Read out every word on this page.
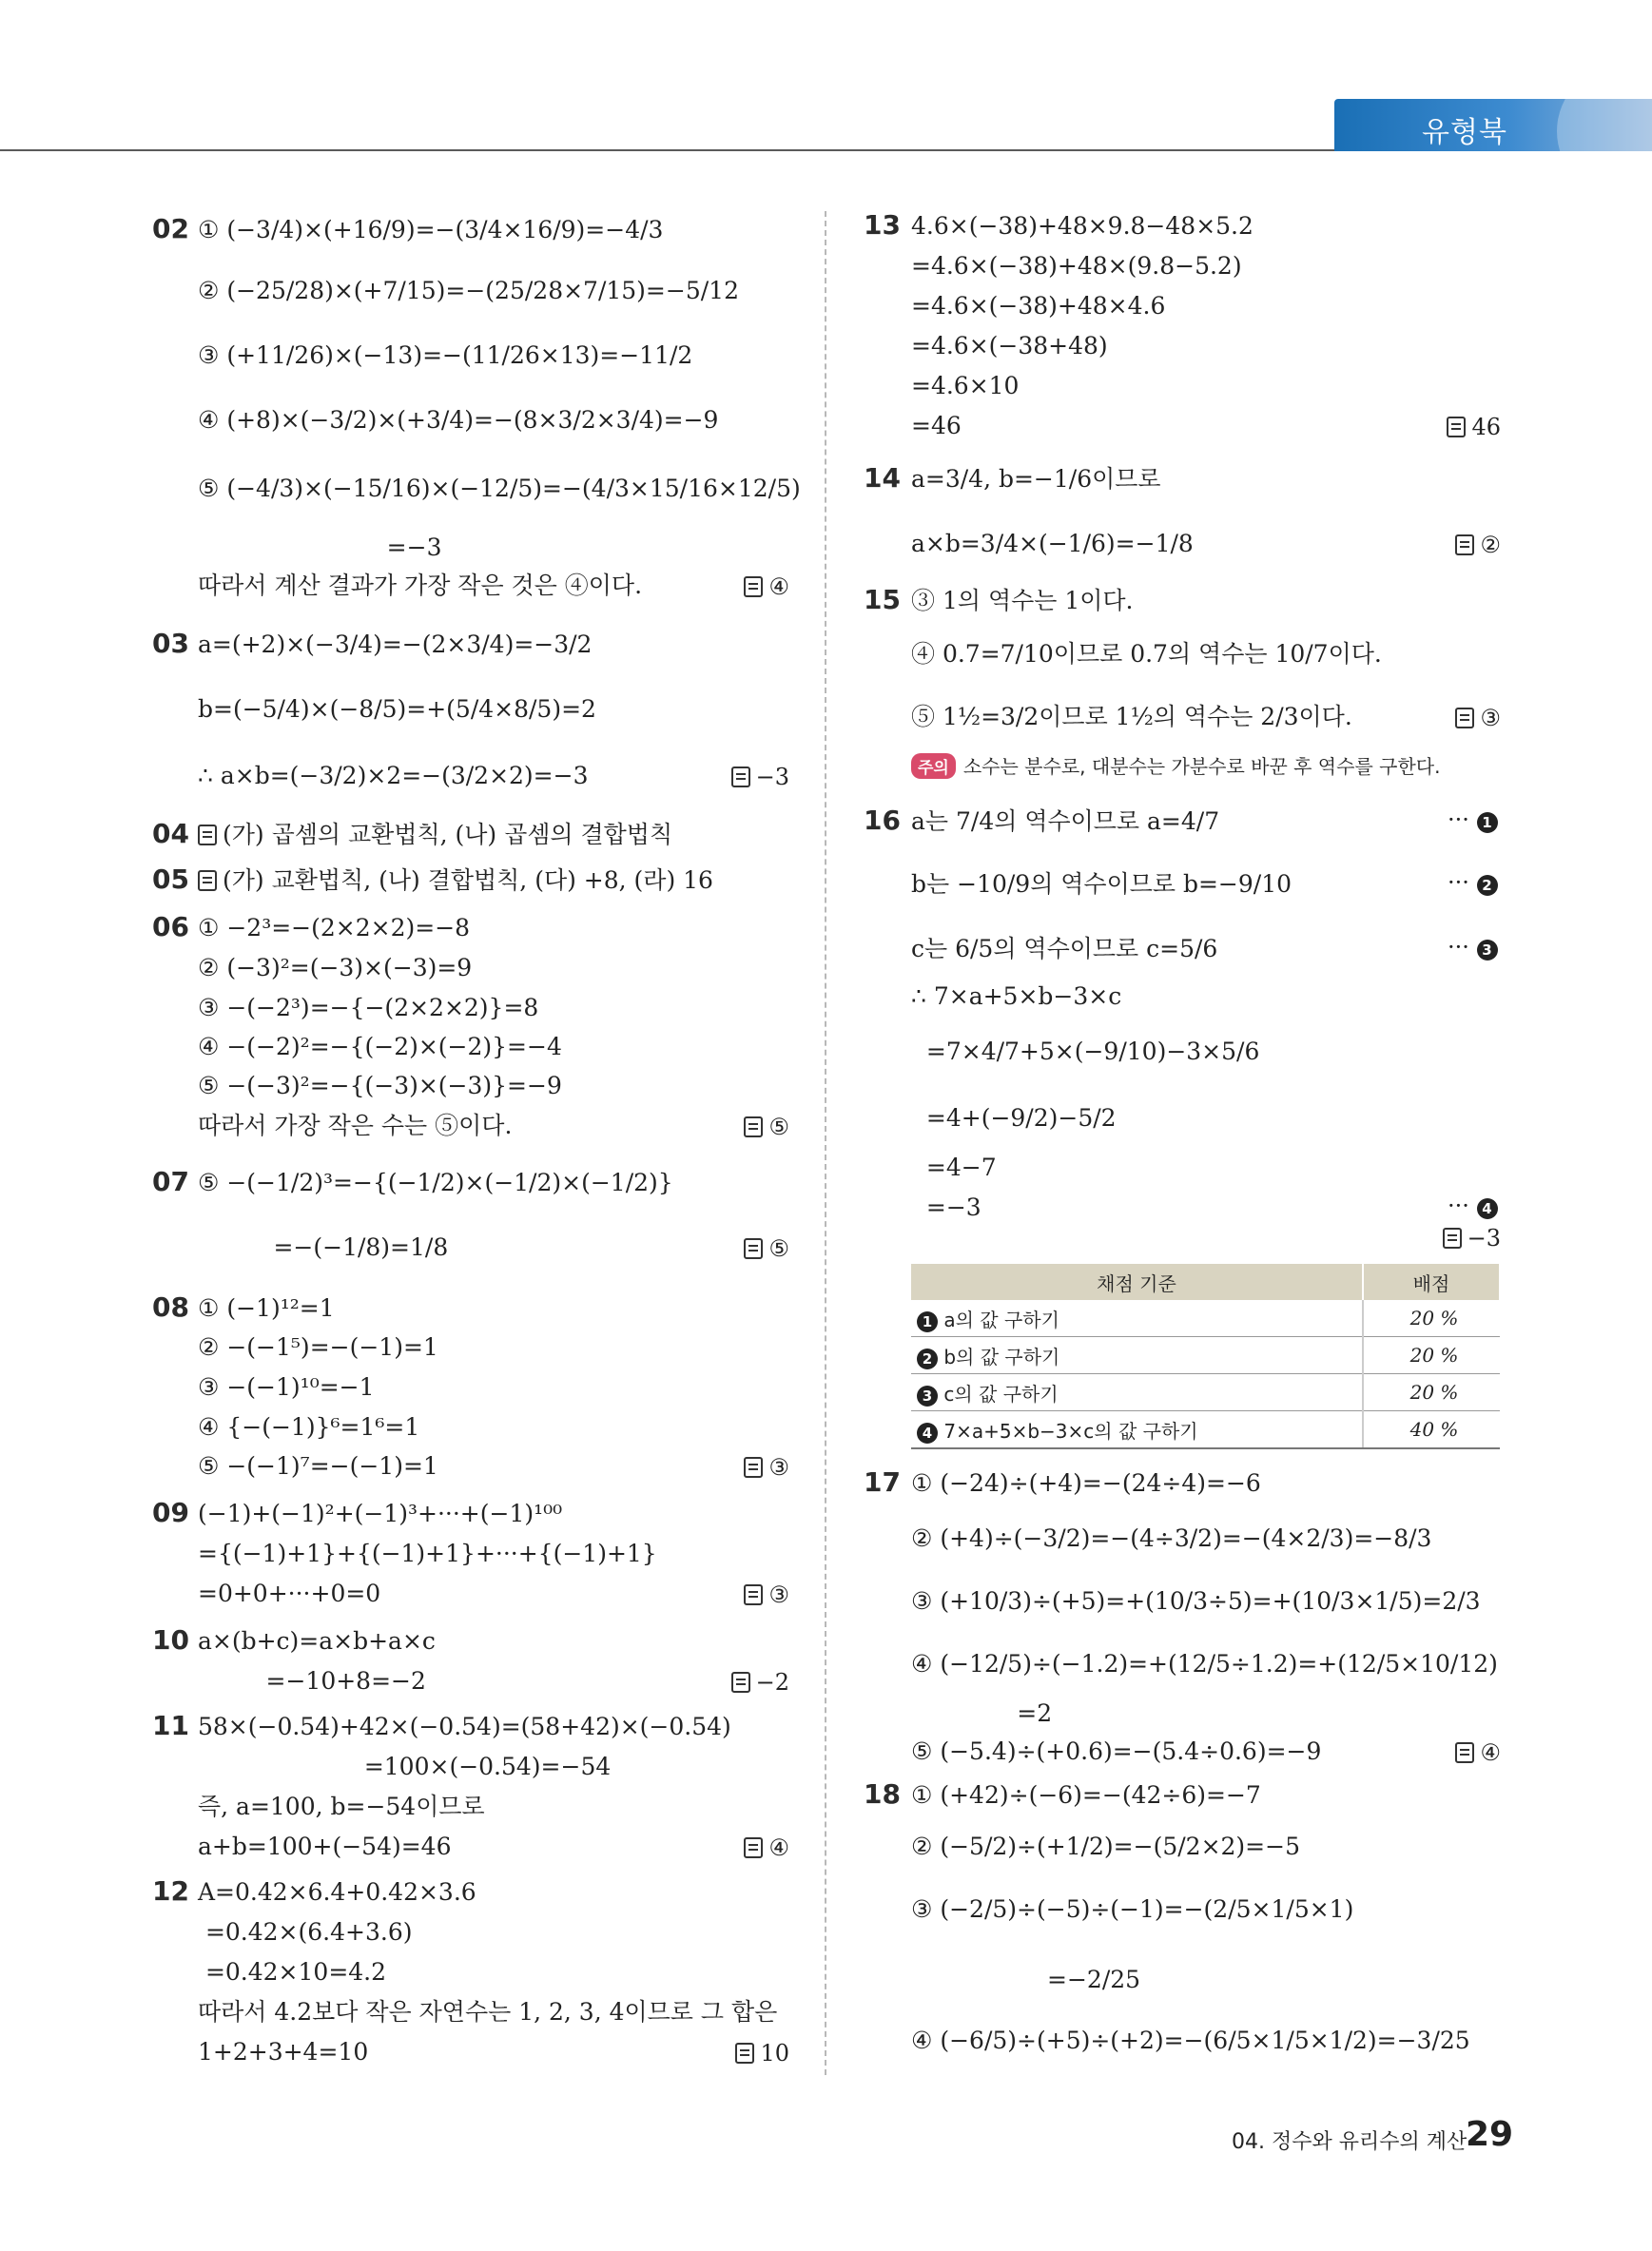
유형북
02 ① (−3/4)×(+16/9)=−(3/4×16/9)=−4/3
② (−25/28)×(+7/15)=−(25/28×7/15)=−5/12
③ (+11/26)×(−13)=−(11/26×13)=−11/2
④ (+8)×(−3/2)×(+3/4)=−(8×3/2×3/4)=−9
⑤ (−4/3)×(−15/16)×(−12/5)=−(4/3×15/16×12/5)
=−3
따라서 계산 결과가 가장 작은 것은 ④이다.	④
03 a=(+2)×(−3/4)=−(2×3/4)=−3/2
b=(−5/4)×(−8/5)=+(5/4×8/5)=2
∴ a×b=(−3/2)×2=−(3/2×2)=−3	−3
04	(가) 곱셈의 교환법칙, (나) 곱셈의 결합법칙
05	(가) 교환법칙, (나) 결합법칙, (다) +8, (라) 16
06 ① −2³=−(2×2×2)=−8
② (−3)²=(−3)×(−3)=9
③ −(−2³)=−{−(2×2×2)}=8
④ −(−2)²=−{(−2)×(−2)}=−4
⑤ −(−3)²=−{(−3)×(−3)}=−9
따라서 가장 작은 수는 ⑤이다.	⑤
07 ⑤ −(−1/2)³=−{(−1/2)×(−1/2)×(−1/2)}
=−(−1/8)=1/8	⑤
08 ① (−1)¹²=1
② −(−1⁵)=−(−1)=1
③ −(−1)¹⁰=−1
④ {−(−1)}⁶=1⁶=1
⑤ −(−1)⁷=−(−1)=1	③
09 (−1)+(−1)²+(−1)³+···+(−1)¹⁰⁰
={(−1)+1}+{(−1)+1}+···+{(−1)+1}
=0+0+···+0=0	③
10 a×(b+c)=a×b+a×c
=−10+8=−2	−2
11 58×(−0.54)+42×(−0.54)=(58+42)×(−0.54)
=100×(−0.54)=−54
즉, a=100, b=−54이므로
a+b=100+(−54)=46	④
12 A=0.42×6.4+0.42×3.6
=0.42×(6.4+3.6)
=0.42×10=4.2
따라서 4.2보다 작은 자연수는 1, 2, 3, 4이므로 그 합은
1+2+3+4=10	10
13 4.6×(−38)+48×9.8−48×5.2
=4.6×(−38)+48×(9.8−5.2)
=4.6×(−38)+48×4.6
=4.6×(−38+48)
=4.6×10
=46	46
14 a=3/4, b=−1/6이므로
a×b=3/4×(−1/6)=−1/8	②
15 ③ 1의 역수는 1이다.
④ 0.7=7/10이므로 0.7의 역수는 10/7이다.
⑤ 1½=3/2이므로 1½의 역수는 2/3이다.	③
16 a는 7/4의 역수이므로 a=4/7
b는 −10/9의 역수이므로 b=−9/10
c는 6/5의 역수이므로 c=5/6
∴ 7×a+5×b−3×c
=7×4/7+5×(−9/10)−3×5/6
=4+(−9/2)−5/2
=4−7
=−3
−3
17 ① (−24)÷(+4)=−(24÷4)=−6
② (+4)÷(−3/2)=−(4÷3/2)=−(4×2/3)=−8/3
③ (+10/3)÷(+5)=+(10/3÷5)=+(10/3×1/5)=2/3
④ (−12/5)÷(−1.2)=+(12/5÷1.2)=+(12/5×10/12)
=2
⑤ (−5.4)÷(+0.6)=−(5.4÷0.6)=−9	④
18 ① (+42)÷(−6)=−(42÷6)=−7
② (−5/2)÷(+1/2)=−(5/2×2)=−5
③ (−2/5)÷(−5)÷(−1)=−(2/5×1/5×1)
=−2/25
④ (−6/5)÷(+5)÷(+2)=−(6/5×1/5×1/2)=−3/25
주의 소수는 분수로, 대분수는 가분수로 바꾼 후 역수를 구한다.
··· 1
··· 2
··· 3
··· 4
채점 기준	배점
1 a의 값 구하기	20 %
2 b의 값 구하기	20 %
3 c의 값 구하기	20 %
4 7×a+5×b−3×c의 값 구하기	40 %
04. 정수와 유리수의 계산
29
